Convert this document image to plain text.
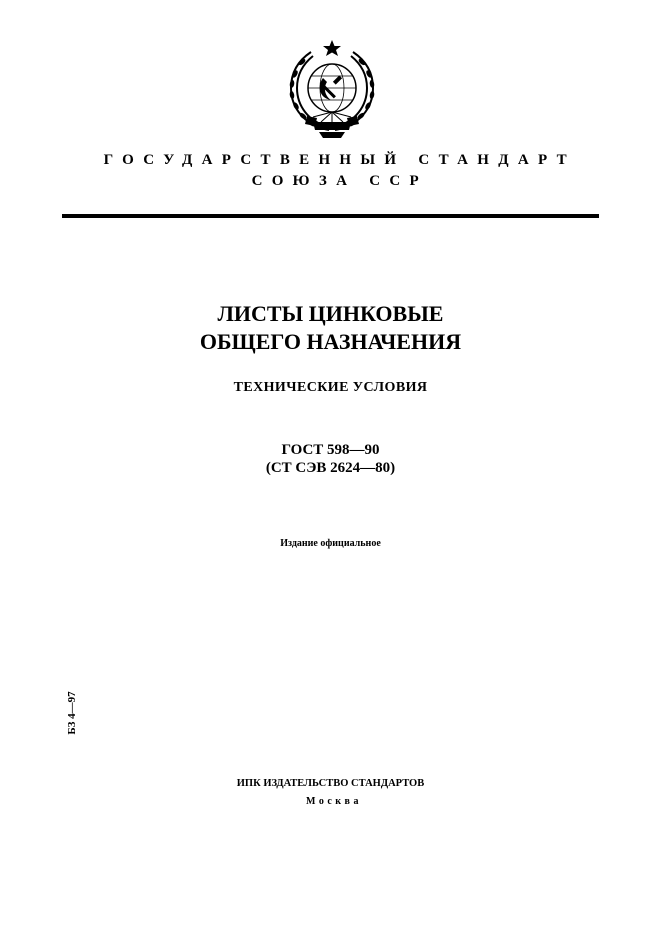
ГОСУДАРСТВЕННЫЙ СТАНДАРТ
СОЮЗА ССР
ЛИСТЫ ЦИНКОВЫЕ
ОБЩЕГО НАЗНАЧЕНИЯ
ТЕХНИЧЕСКИЕ УСЛОВИЯ
ГОСТ 598—90
(СТ СЭВ 2624—80)
Издание официальное
БЗ 4—97
ИПК ИЗДАТЕЛЬСТВО СТАНДАРТОВ
Москва
